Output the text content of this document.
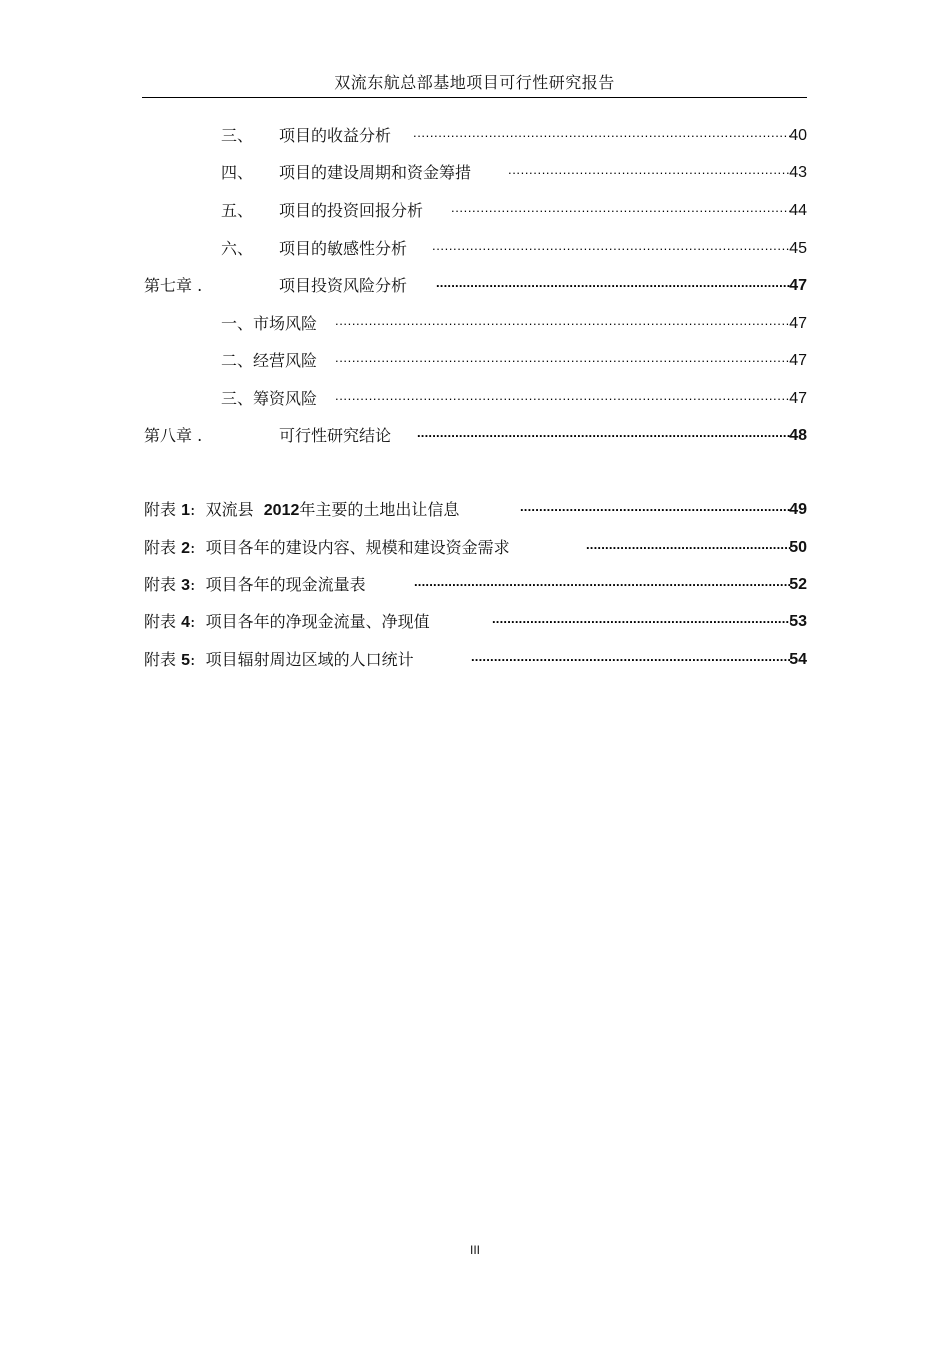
双流东航总部基地项目可行性研究报告
三、 项目的收益分析 .....	40
四、 项目的建设周期和资金筹措 .....	43
五、 项目的投资回报分析 .....	44
六、 项目的敏感性分析 .....	45
第七章 .	项目投资风险分析 .....	47
一、市场风险 .....	47
二、经营风险 .....	47
三、筹资风险 .....	47
第八章 .	可行性研究结论 .....	48
附表 1: 双流县 2012年主要的土地出让信息 .....	49
附表 2: 项目各年的建设内容、规模和建设资金需求 .....	50
附表 3: 项目各年的现金流量表 .....	52
附表 4: 项目各年的净现金流量、净现值 .....	53
附表 5: 项目辐射周边区域的人口统计 .....	54
III
